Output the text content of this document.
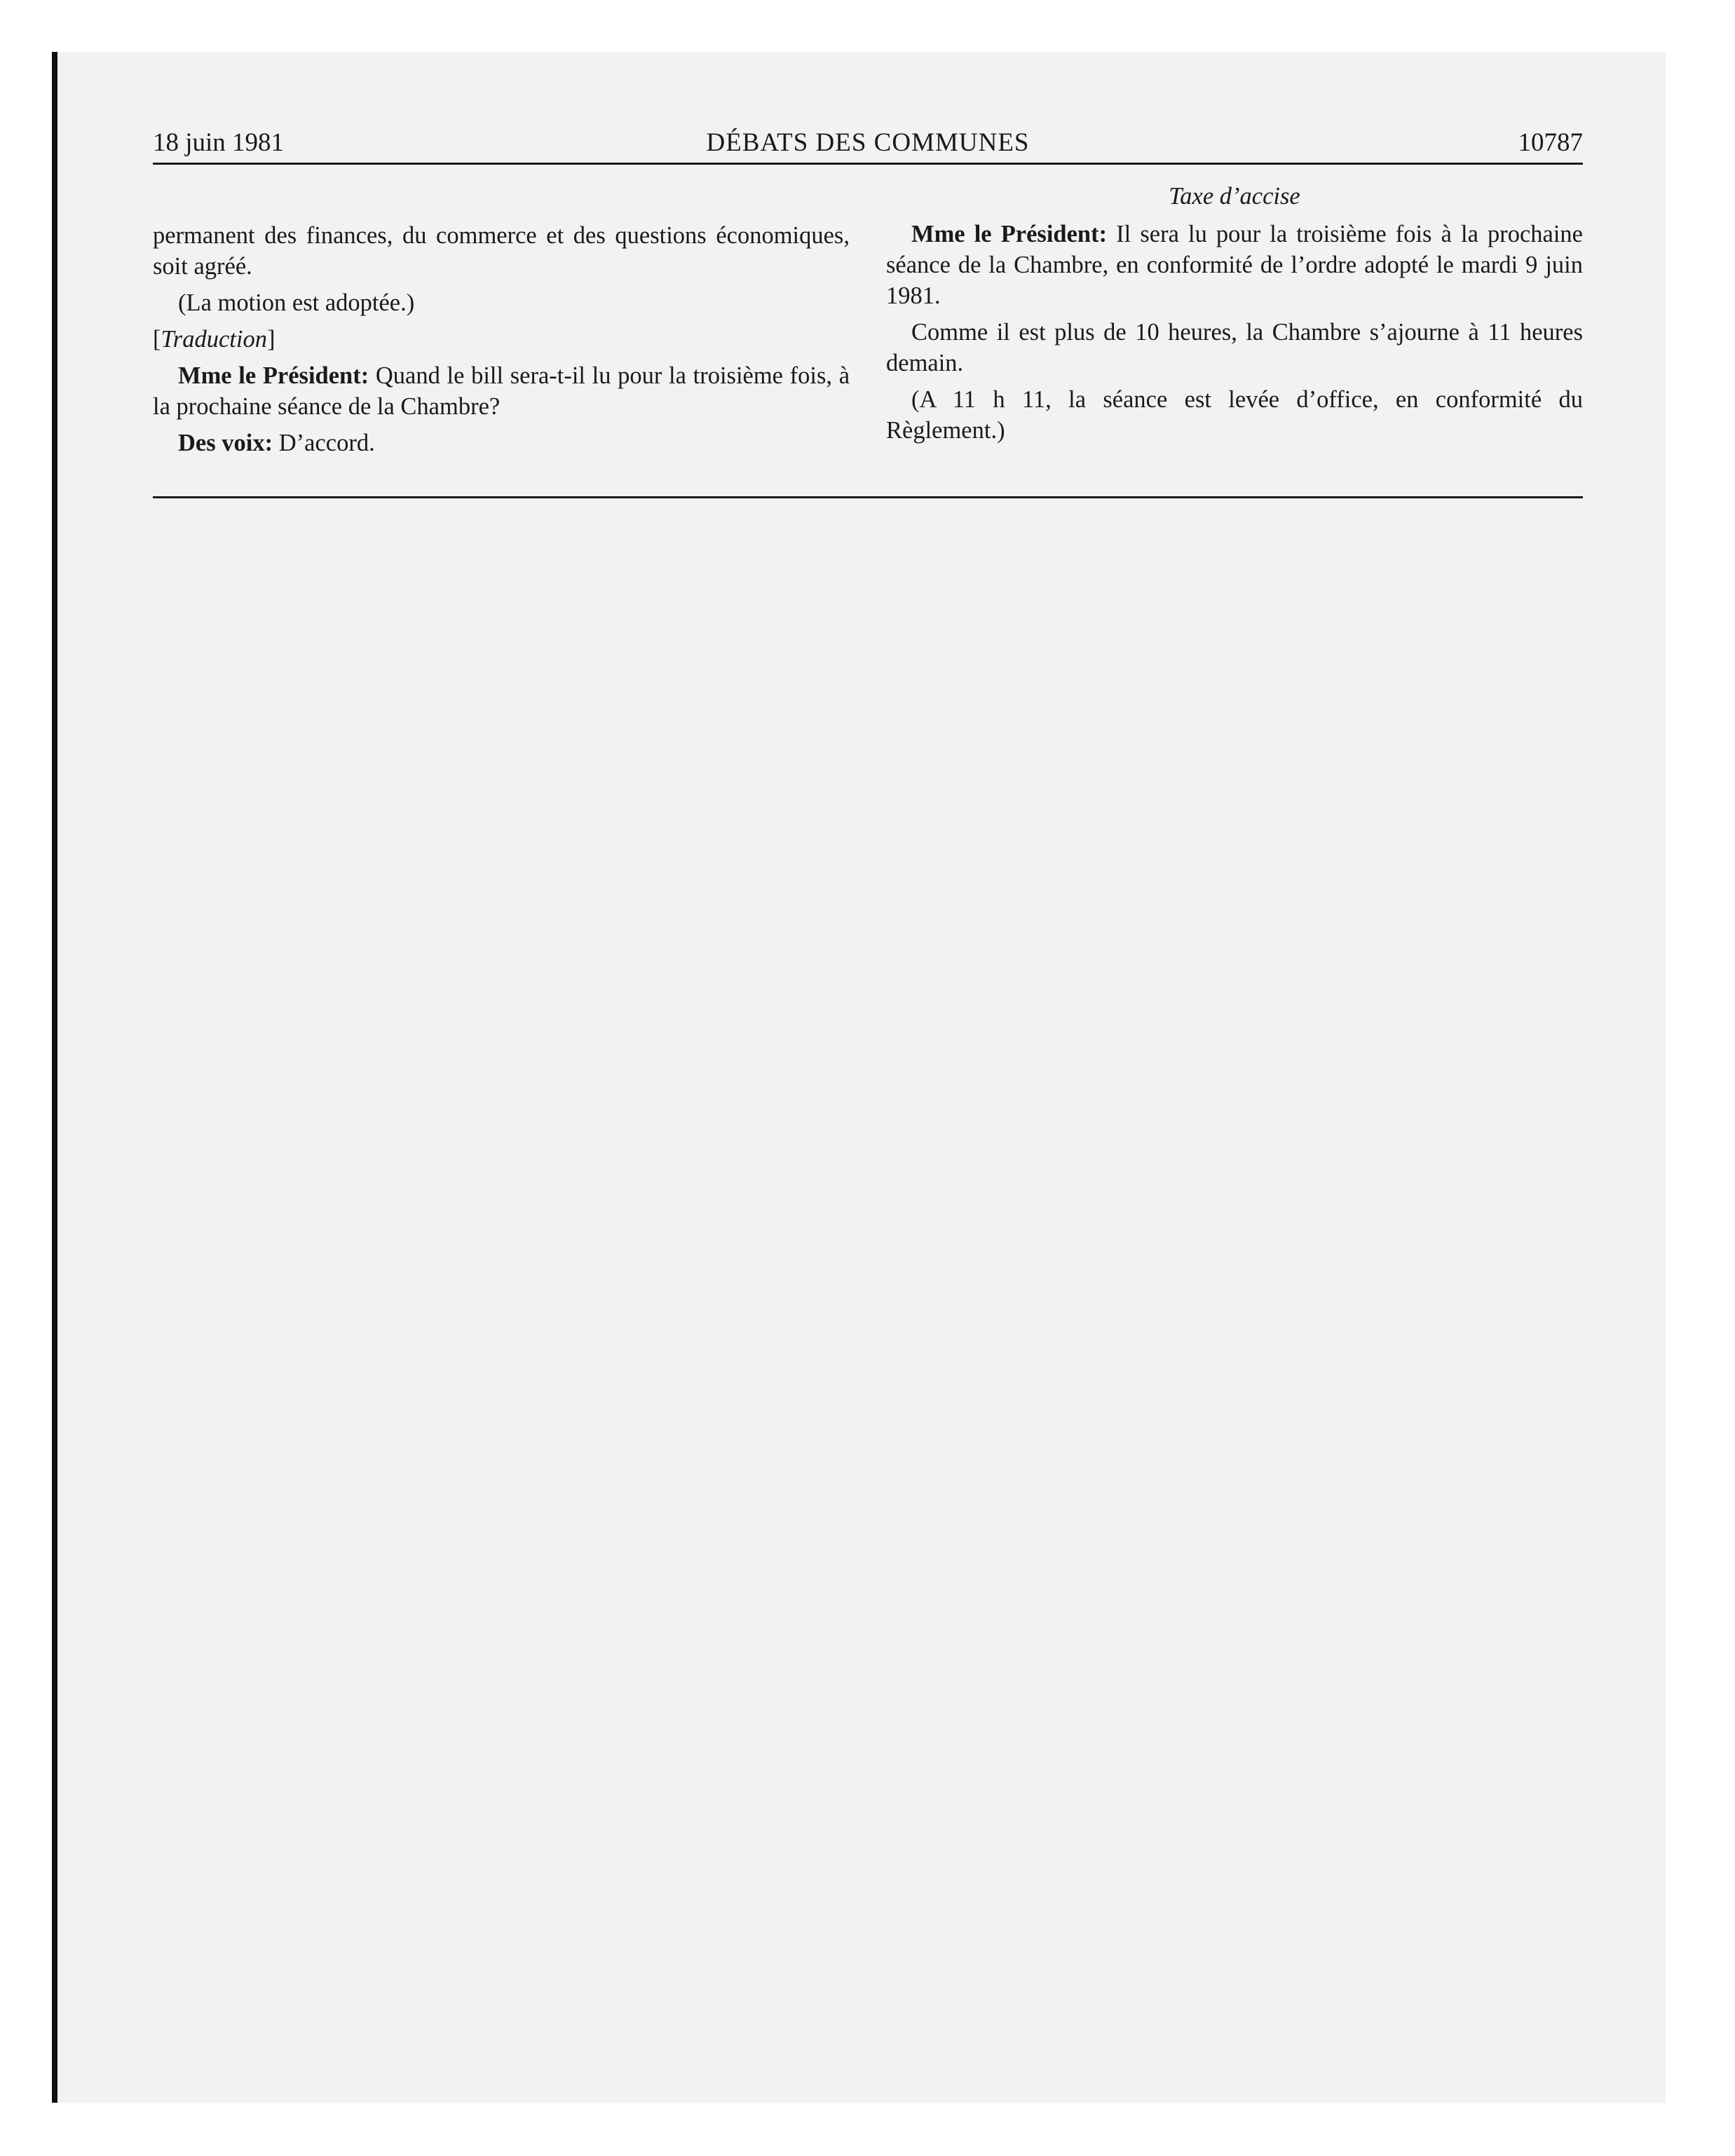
18 juin 1981	DÉBATS DES COMMUNES	10787

permanent des finances, du commerce et des questions économiques, soit agréé.

(La motion est adoptée.)

[Traduction]

Mme le Président: Quand le bill sera-t-il lu pour la troisième fois, à la prochaine séance de la Chambre?

Des voix: D’accord.

Taxe d’accise

Mme le Président: Il sera lu pour la troisième fois à la prochaine séance de la Chambre, en conformité de l’ordre adopté le mardi 9 juin 1981.

Comme il est plus de 10 heures, la Chambre s’ajourne à 11 heures demain.

(A 11 h 11, la séance est levée d’office, en conformité du Règlement.)
